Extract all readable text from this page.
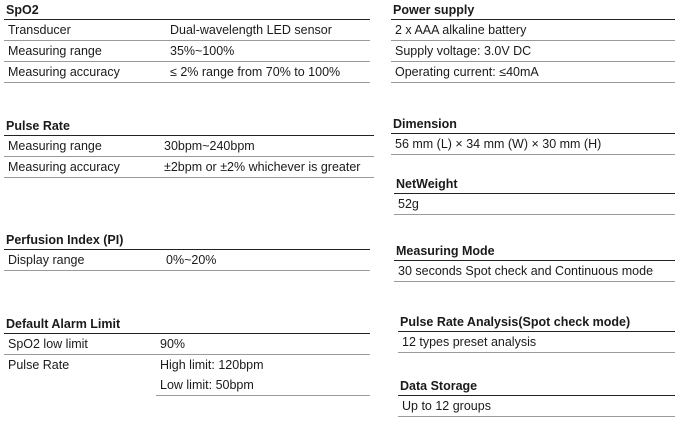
SpO2
Transducer	Dual-wavelength LED sensor
Measuring range	35%~100%
Measuring accuracy	≤ 2% range from 70% to 100%
Pulse Rate
Measuring range	30bpm~240bpm
Measuring accuracy	±2bpm or ±2% whichever is greater
Perfusion Index (PI)
Display range	0%~20%
Default Alarm Limit
SpO2 low limit	90%
Pulse Rate	High limit: 120bpm
Low limit: 50bpm
Power supply
2 x AAA alkaline battery
Supply voltage: 3.0V DC
Operating current: ≤40mA
Dimension
56 mm (L) × 34 mm (W) × 30 mm (H)
NetWeight
52g
Measuring Mode
30 seconds Spot check and Continuous mode
Pulse Rate Analysis(Spot check mode)
12 types preset analysis
Data Storage
Up to 12 groups
